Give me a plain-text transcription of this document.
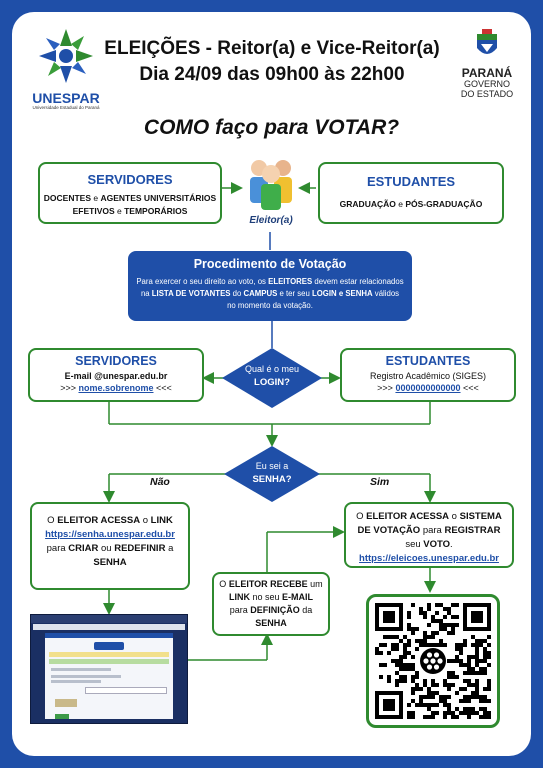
UNESPAR
Universidade Estadual do Paraná
ELEIÇÕES - Reitor(a) e Vice-Reitor(a)
Dia 24/09 das 09h00 às 22h00	PARANÁ
GOVERNO
DO ESTADO
COMO faço para VOTAR?
SERVIDORES
DOCENTES e AGENTES UNIVERSITÁRIOS
EFETIVOS e TEMPORÁRIOS
Eleitor(a)
ESTUDANTES
GRADUAÇÃO e PÓS-GRADUAÇÃO
Procedimento de Votação
Para exercer o seu direito ao voto, os ELEITORES devem estar relacionados na LISTA DE VOTANTES do CAMPUS e ter seu LOGIN e SENHA válidos no momento da votação.
Qual é o meu
LOGIN?
SERVIDORES
E-mail @unespar.edu.br
>>> nome.sobrenome <<<
ESTUDANTES
Registro Acadêmico (SIGES)
>>> 0000000000000 <<<
Eu sei a
SENHA?
Não	Sim
O ELEITOR ACESSA o LINK
https://senha.unespar.edu.br
para CRIAR ou REDEFINIR a
SENHA
O ELEITOR RECEBE um
LINK no seu E-MAIL
para DEFINIÇÃO da
SENHA
O ELEITOR ACESSA o SISTEMA
DE VOTAÇÃO para REGISTRAR
seu VOTO.
https://eleicoes.unespar.edu.br
